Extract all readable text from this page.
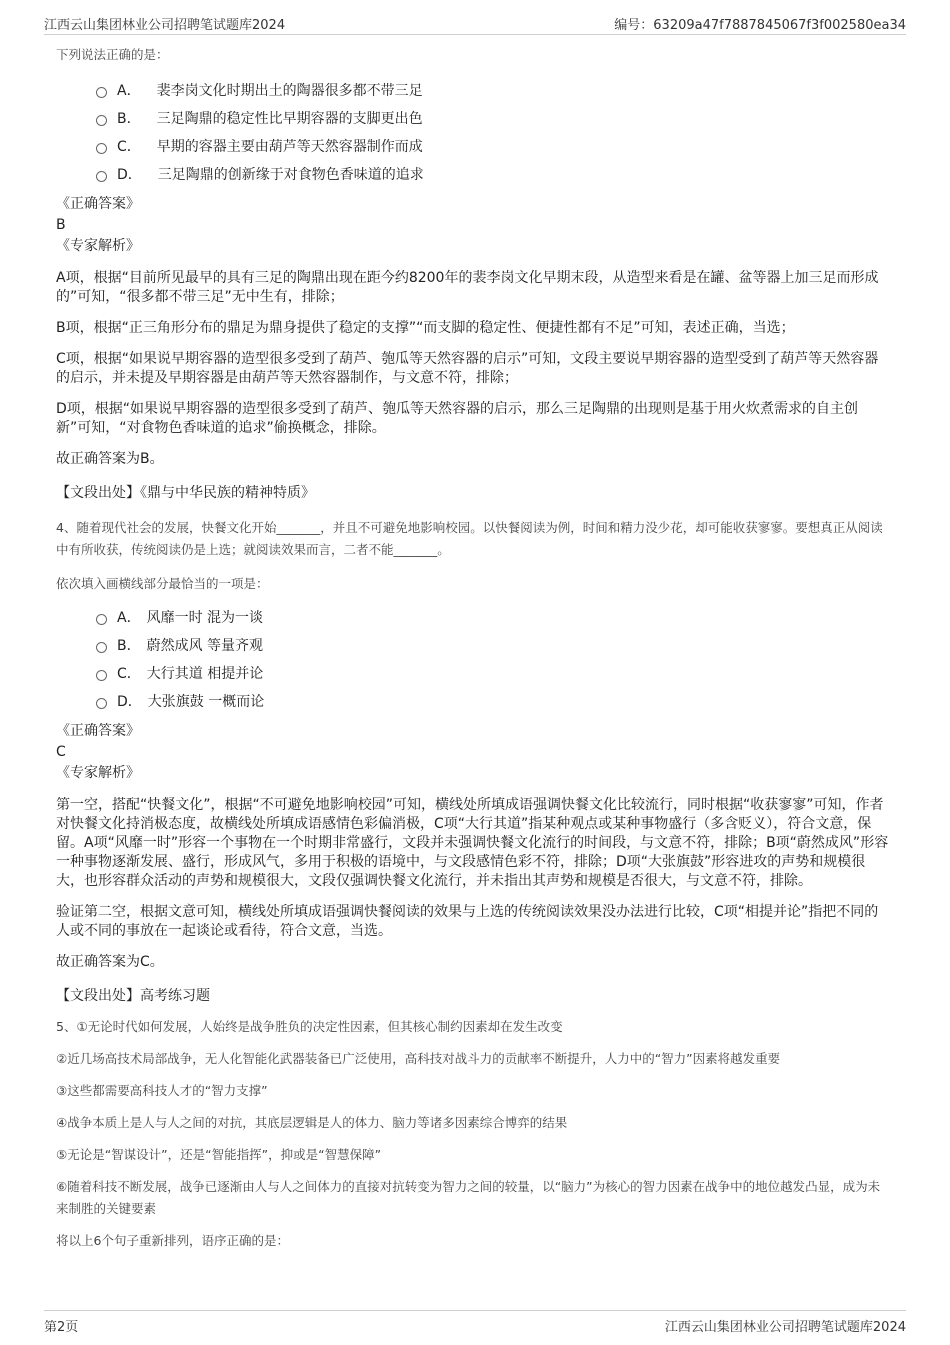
江西云山集团林业公司招聘笔试题库2024	编号：63209a47f7887845067f3f002580ea34

下列说法正确的是：

A． 裴李岗文化时期出土的陶器很多都不带三足
B． 三足陶鼎的稳定性比早期容器的支脚更出色
C． 早期的容器主要由葫芦等天然容器制作而成
D． 三足陶鼎的创新缘于对食物色香味道的追求
《正确答案》
B
《专家解析》

A项，根据“目前所见最早的具有三足的陶鼎出现在距今约8200年的裴李岗文化早期末段，从造型来看是在罐、盆等器上加三足而形成的”可知，“很多都不带三足”无中生有，排除；

B项，根据“正三角形分布的鼎足为鼎身提供了稳定的支撑”“而支脚的稳定性、便捷性都有不足”可知，表述正确，当选；

C项，根据“如果说早期容器的造型很多受到了葫芦、匏瓜等天然容器的启示”可知，文段主要说早期容器的造型受到了葫芦等天然容器的启示，并未提及早期容器是由葫芦等天然容器制作，与文意不符，排除；

D项，根据“如果说早期容器的造型很多受到了葫芦、匏瓜等天然容器的启示，那么三足陶鼎的出现则是基于用火炊煮需求的自主创新”可知，“对食物色香味道的追求”偷换概念，排除。

故正确答案为B。

【文段出处】《鼎与中华民族的精神特质》

4、随着现代社会的发展，快餐文化开始_______，并且不可避免地影响校园。以快餐阅读为例，时间和精力没少花，却可能收获寥寥。要想真正从阅读中有所收获，传统阅读仍是上选；就阅读效果而言，二者不能_______。

依次填入画横线部分最恰当的一项是：

A． 风靡一时 混为一谈
B． 蔚然成风 等量齐观
C． 大行其道 相提并论
D． 大张旗鼓 一概而论
《正确答案》
C
《专家解析》

第一空，搭配“快餐文化”，根据“不可避免地影响校园”可知，横线处所填成语强调快餐文化比较流行，同时根据“收获寥寥”可知，作者对快餐文化持消极态度，故横线处所填成语感情色彩偏消极，C项“大行其道”指某种观点或某种事物盛行（多含贬义），符合文意，保留。A项“风靡一时”形容一个事物在一个时期非常盛行，文段并未强调快餐文化流行的时间段，与文意不符，排除；B项“蔚然成风”形容一种事物逐渐发展、盛行，形成风气，多用于积极的语境中，与文段感情色彩不符，排除；D项“大张旗鼓”形容进攻的声势和规模很大，也形容群众活动的声势和规模很大，文段仅强调快餐文化流行，并未指出其声势和规模是否很大，与文意不符，排除。

验证第二空，根据文意可知，横线处所填成语强调快餐阅读的效果与上选的传统阅读效果没办法进行比较，C项“相提并论”指把不同的人或不同的事放在一起谈论或看待，符合文意，当选。

故正确答案为C。

【文段出处】高考练习题

5、①无论时代如何发展，人始终是战争胜负的决定性因素，但其核心制约因素却在发生改变

②近几场高技术局部战争，无人化智能化武器装备已广泛使用，高科技对战斗力的贡献率不断提升，人力中的“智力”因素将越发重要

③这些都需要高科技人才的“智力支撑”

④战争本质上是人与人之间的对抗，其底层逻辑是人的体力、脑力等诸多因素综合博弈的结果

⑤无论是“智谋设计”，还是“智能指挥”，抑或是“智慧保障”

⑥随着科技不断发展，战争已逐渐由人与人之间体力的直接对抗转变为智力之间的较量，以“脑力”为核心的智力因素在战争中的地位越发凸显，成为未来制胜的关键要素

将以上6个句子重新排列，语序正确的是：

第2页	江西云山集团林业公司招聘笔试题库2024
